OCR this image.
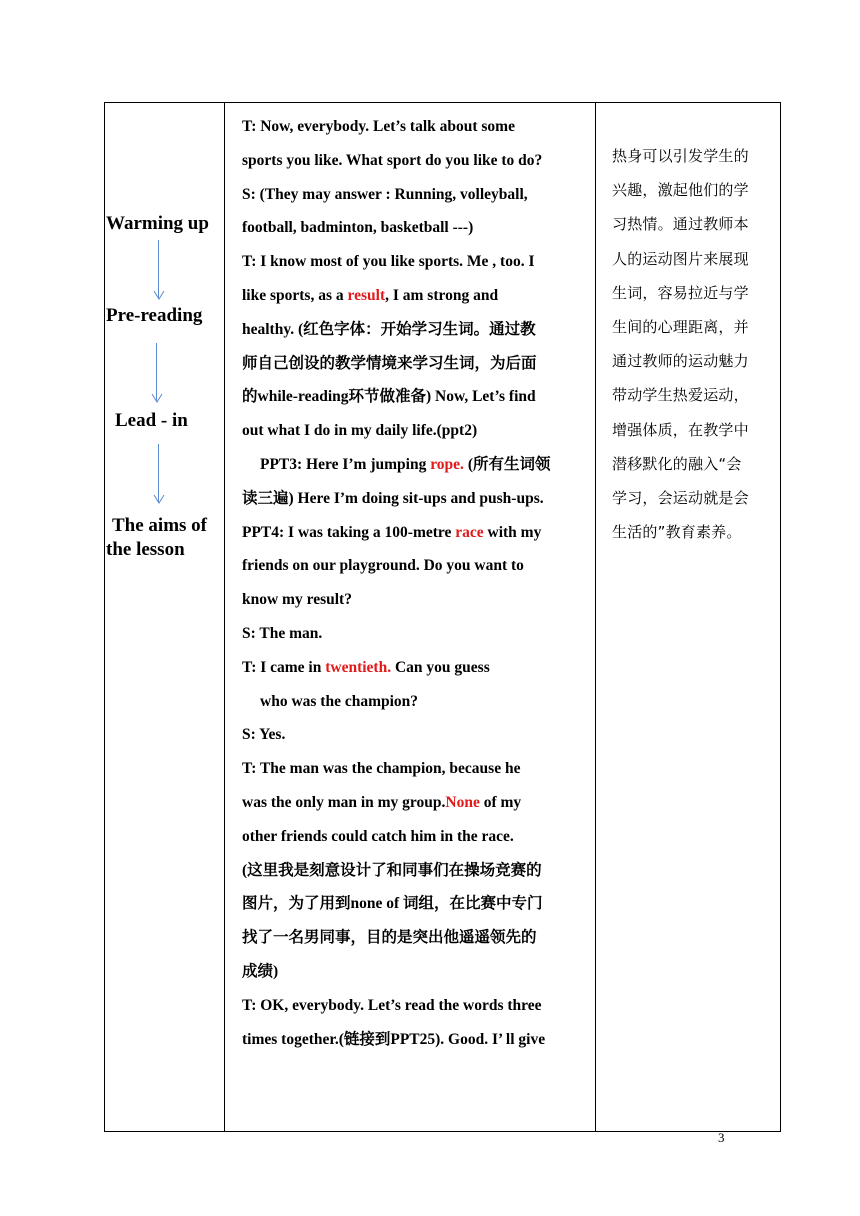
Warming up
Pre-reading
Lead - in
The aims of
the lesson

T: Now, everybody. Let’s talk about some

sports you like. What sport do you like to do?

S: (They may answer : Running, volleyball,

football, badminton, basketball ---)

T: I know most of you like sports. Me , too. I

like sports, as a result, I am strong and

healthy. (红色字体：开始学习生词。通过教

师自己创设的教学情境来学习生词，为后面

的while-reading环节做准备) Now, Let’s find

out what I do in my daily life.(ppt2)

PPT3: Here I’m jumping rope. (所有生词领

读三遍) Here I’m doing sit-ups and push-ups.

PPT4: I was taking a 100-metre race with my

friends on our playground. Do you want to

know my result?

S: The man.

T: I came in twentieth. Can you guess

who was the champion?

S: Yes.

T: The man was the champion, because he

was the only man in my group.None of my

other friends could catch him in the race.

(这里我是刻意设计了和同事们在操场竞赛的

图片，为了用到none of 词组，在比赛中专门

找了一名男同事，目的是突出他遥遥领先的

成绩)

T: OK, everybody. Let’s read the words three

times together.(链接到PPT25). Good. I’ ll give

热身可以引发学生的

兴趣，激起他们的学

习热情。通过教师本

人的运动图片来展现

生词，容易拉近与学

生间的心理距离，并

通过教师的运动魅力

带动学生热爱运动，

增强体质，在教学中

潜移默化的融入“会

学习，会运动就是会

生活的”教育素养。

3
